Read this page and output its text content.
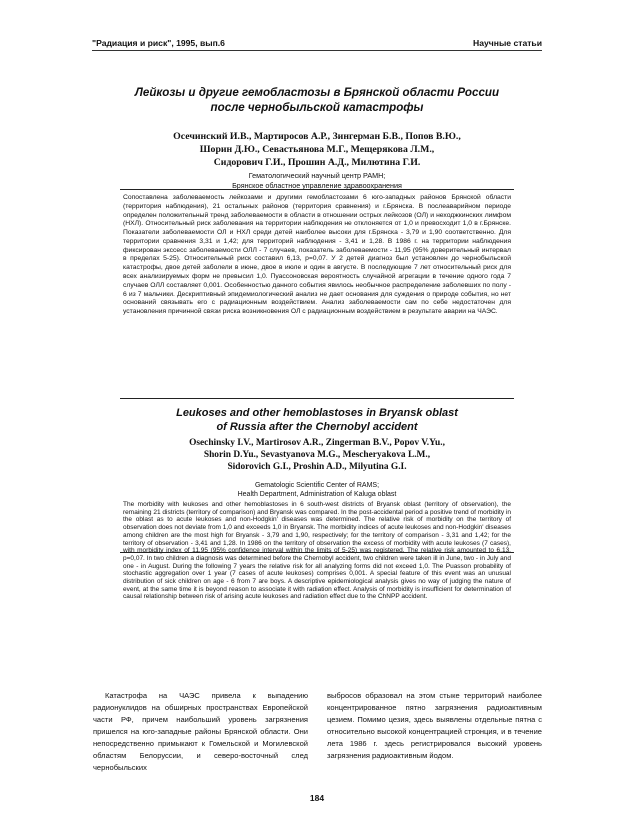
"Радиация и риск", 1995, вып.6	Научные статьи
Лейкозы и другие гемобластозы в Брянской области России
после чернобыльской катастрофы
Осечинский И.В., Мартиросов А.Р., Зингерман Б.В., Попов В.Ю.,
Шорин Д.Ю., Севастьянова М.Г., Мещерякова Л.М.,
Сидорович Г.И., Прошин А.Д., Милютина Г.И.
Гематологический научный центр РАМН;
Брянское областное управление здравоохранения
Сопоставлена заболеваемость лейкозами и другими гемобластозами 6 юго-западных районов Брянской области (территория наблюдения), 21 остальных районов (территория сравнения) и г.Брянска. В послеаварийном периоде определен положительный тренд заболеваемости в области в отношении острых лейкозов (ОЛ) и неходжкинских лимфом (НХЛ). Относительный риск заболевания на территории наблюдения не отклоняется от 1,0 и превосходит 1,0 в г.Брянске. Показатели заболеваемости ОЛ и НХЛ среди детей наиболее высоки для г.Брянска - 3,79 и 1,90 соответственно. Для территории сравнения 3,31 и 1,42; для территорий наблюдения - 3,41 и 1,28. В 1986 г. на территории наблюдения фиксирован экссесс заболеваемости ОЛЛ - 7 случаев, показатель заболеваемости - 11,95 (95% доверительный интервал в пределах 5-25). Относительный риск составил 6,13, p=0,07. У 2 детей диагноз был установлен до чернобыльской катастрофы, двое детей заболели в июне, двое в июле и один в августе. В последующие 7 лет относительный риск для всех анализируемых форм не превысил 1,0. Пуассоновская вероятность случайной агрегации в течение одного года 7 случаев ОЛЛ составляет 0,001. Особенностью данного события явилось необычное распределение заболевших по полу - 6 из 7 мальчики. Дескриптивный эпидемиологический анализ не дает основания для суждения о природе события, но нет оснований связывать его с радиационным воздействием. Анализ заболеваемости сам по себе недостаточен для установления причинной связи риска возникновения ОЛ с радиационным воздействием в результате аварии на ЧАЭС.
Leukoses and other hemoblastoses in Bryansk oblast
of Russia after the Chernobyl accident
Osechinsky I.V., Martirosov A.R., Zingerman B.V., Popov V.Yu.,
Shorin D.Yu., Sevastyanova M.G., Mescheryakova L.M.,
Sidorovich G.I., Proshin A.D., Milyutina G.I.
Gematologic Scientific Center of RAMS;
Health Department, Administration of Kaluga oblast
The morbidity with leukoses and other hemoblastoses in 6 south-west districts of Bryansk oblast (territory of observation), the remaining 21 districts (territory of comparison) and Bryansk was compared. In the post-accidental period a positive trend of morbidity in the oblast as to acute leukoses and non-Hodgkin' diseases was determined. The relative risk of morbidity on the territory of observation does not deviate from 1,0 and exceeds 1,0 in Bryansk. The morbidity indices of acute leukoses and non-Hodgkin' diseases among children are the most high for Bryansk - 3,79 and 1,90, respectively; for the territory of comparison - 3,31 and 1,42; for the territory of observation - 3,41 and 1,28. In 1986 on the territory of observation the excess of morbidity with acute leukoses (7 cases), with morbidity index of 11,95 (95% confidence interval within the limits of 5-25) was registered. The relative risk amounted to 6,13, p=0,07. In two children a diagnosis was determined before the Chernobyl accident, two children were taken ill in June, two - in July and one - in August. During the following 7 years the relative risk for all analyzing forms did not exceed 1,0. The Puasson probability of stochastic aggregation over 1 year (7 cases of acute leukoses) comprises 0,001. A special feature of this event was an unusual distribution of sick children on age - 6 from 7 are boys. A descriptive epidemiological analysis gives no way of judging the nature of event, at the same time it is beyond reason to associate it with radiation effect. Analysis of morbidity is insufficient for determination of causal relationship between risk of arising acute leukoses and radiation effect due to the ChNPP accident.
Катастрофа на ЧАЭС привела к выпадению радионуклидов на обширных пространствах Европейской части РФ, причем наибольший уровень загрязнения пришелся на юго-западные районы Брянской области. Они непосредственно примыкают к Гомельской и Могилевской областям Белоруссии, и северо-восточный след чернобыльских
выбросов образовал на этом стыке территорий наиболее концентрированное пятно загрязнения радиоактивным цезием. Помимо цезия, здесь выявлены отдельные пятна с относительно высокой концентрацией стронция, и в течение лета 1986 г. здесь регистрировался высокий уровень загрязнения радиоактивным йодом.
184
